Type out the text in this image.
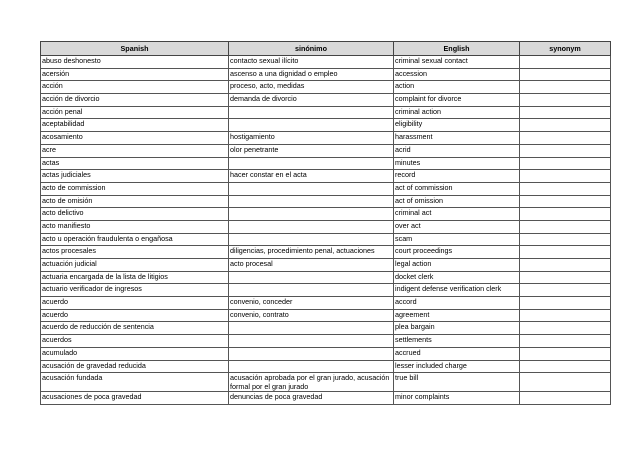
Spanish	sinónimo	English	synonym
abuso deshonesto	contacto sexual ilícito	criminal sexual contact	
acersión	ascenso a una dignidad o empleo	accession	
acción	proceso, acto, medidas	action	
acción de divorcio	demanda de divorcio	complaint for divorce	
acción penal		criminal action	
aceptabilidad		eligibility	
acosamiento	hostigamiento	harassment	
acre	olor penetrante	acrid	
actas		minutes	
actas judiciales	hacer constar en el acta	record	
acto de commission		act of commission	
acto de omisión		act of omission	
acto delictivo		criminal act	
acto manifiesto		over act	
acto u operación fraudulenta o engañosa		scam	
actos procesales	diligencias, procedimiento penal, actuaciones	court proceedings	
actuación judicial	acto procesal	legal action	
actuaria encargada de la lista de litigios		docket clerk	
actuario verificador de ingresos		indigent defense verification clerk	
acuerdo	convenio, conceder	accord	
acuerdo	convenio, contrato	agreement	
acuerdo de reducción de sentencia		plea bargain	
acuerdos		settlements	
acumulado		accrued	
acusación de gravedad reducida		lesser included charge	
acusación fundada	acusación aprobada por el gran jurado, acusación formal por el gran jurado	true bill	
acusaciones de poca gravedad	denuncias de poca gravedad	minor complaints	
